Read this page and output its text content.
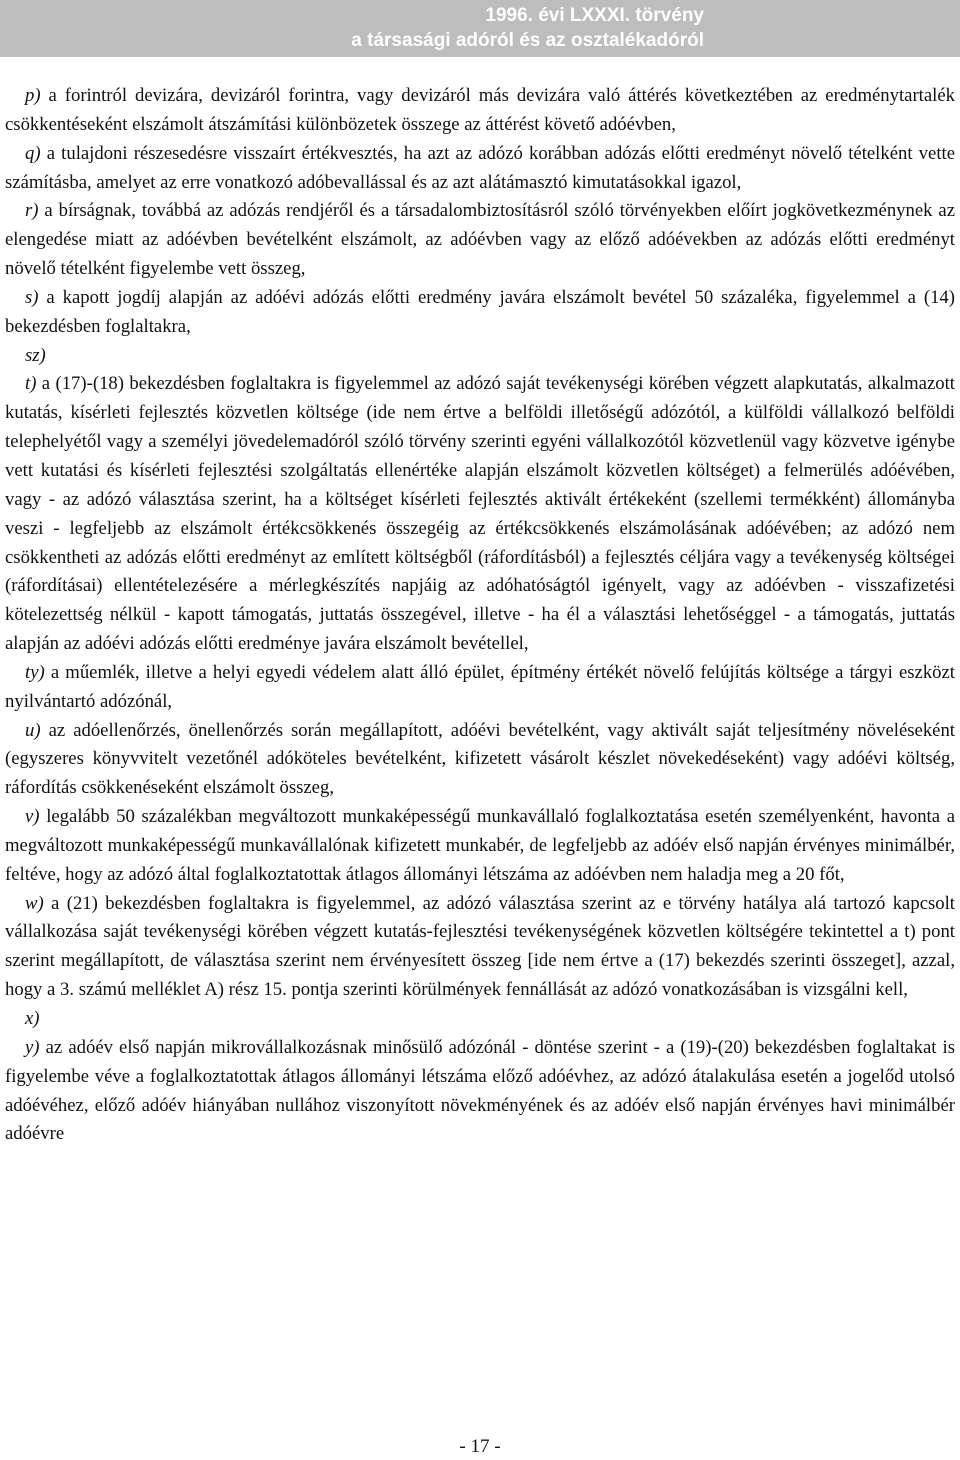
1996. évi LXXXI. törvény
a társasági adóról és az osztalékadóról

p) a forintról devizára, devizáról forintra, vagy devizáról más devizára való áttérés következtében az eredménytartalék csökkentéseként elszámolt átszámítási különbözetek összege az áttérést követő adóévben,

q) a tulajdoni részesedésre visszaírt értékvesztés, ha azt az adózó korábban adózás előtti eredményt növelő tételként vette számításba, amelyet az erre vonatkozó adóbevallással és az azt alátámasztó kimutatásokkal igazol,

r) a bírságnak, továbbá az adózás rendjéről és a társadalombiztosításról szóló törvényekben előírt jogkövetkezménynek az elengedése miatt az adóévben bevételként elszámolt, az adóévben vagy az előző adóévekben az adózás előtti eredményt növelő tételként figyelembe vett összeg,

s) a kapott jogdíj alapján az adóévi adózás előtti eredmény javára elszámolt bevétel 50 százaléka, figyelemmel a (14) bekezdésben foglaltakra,

sz)

t) a (17)-(18) bekezdésben foglaltakra is figyelemmel az adózó saját tevékenységi körében végzett alapkutatás, alkalmazott kutatás, kísérleti fejlesztés közvetlen költsége (ide nem értve a belföldi illetőségű adózótól, a külföldi vállalkozó belföldi telephelyétől vagy a személyi jövedelemadóról szóló törvény szerinti egyéni vállalkozótól közvetlenül vagy közvetve igénybe vett kutatási és kísérleti fejlesztési szolgáltatás ellenértéke alapján elszámolt közvetlen költséget) a felmerülés adóévében, vagy - az adózó választása szerint, ha a költséget kísérleti fejlesztés aktivált értékeként (szellemi termékként) állományba veszi - legfeljebb az elszámolt értékcsökkenés összegéig az értékcsökkenés elszámolásának adóévében; az adózó nem csökkentheti az adózás előtti eredményt az említett költségből (ráfordításból) a fejlesztés céljára vagy a tevékenység költségei (ráfordításai) ellentételezésére a mérlegkészítés napjáig az adóhatóságtól igényelt, vagy az adóévben - visszafizetési kötelezettség nélkül - kapott támogatás, juttatás összegével, illetve - ha él a választási lehetőséggel - a támogatás, juttatás alapján az adóévi adózás előtti eredménye javára elszámolt bevétellel,

ty) a műemlék, illetve a helyi egyedi védelem alatt álló épület, építmény értékét növelő felújítás költsége a tárgyi eszközt nyilvántartó adózónál,

u) az adóellenőrzés, önellenőrzés során megállapított, adóévi bevételként, vagy aktivált saját teljesítmény növeléseként (egyszeres könyvvitelt vezetőnél adóköteles bevételként, kifizetett vásárolt készlet növekedéseként) vagy adóévi költség, ráfordítás csökkenéseként elszámolt összeg,

v) legalább 50 százalékban megváltozott munkaképességű munkavállaló foglalkoztatása esetén személyenként, havonta a megváltozott munkaképességű munkavállalónak kifizetett munkabér, de legfeljebb az adóév első napján érvényes minimálbér, feltéve, hogy az adózó által foglalkoztatottak átlagos állományi létszáma az adóévben nem haladja meg a 20 főt,

w) a (21) bekezdésben foglaltakra is figyelemmel, az adózó választása szerint az e törvény hatálya alá tartozó kapcsolt vállalkozása saját tevékenységi körében végzett kutatás-fejlesztési tevékenységének közvetlen költségére tekintettel a t) pont szerint megállapított, de választása szerint nem érvényesített összeg [ide nem értve a (17) bekezdés szerinti összeget], azzal, hogy a 3. számú melléklet A) rész 15. pontja szerinti körülmények fennállását az adózó vonatkozásában is vizsgálni kell,

x)

y) az adóév első napján mikrovállalkozásnak minősülő adózónál - döntése szerint - a (19)-(20) bekezdésben foglaltakat is figyelembe véve a foglalkoztatottak átlagos állományi létszáma előző adóévhez, az adózó átalakulása esetén a jogelőd utolsó adóévéhez, előző adóév hiányában nullához viszonyított növekményének és az adóév első napján érvényes havi minimálbér adóévre

- 17 -
